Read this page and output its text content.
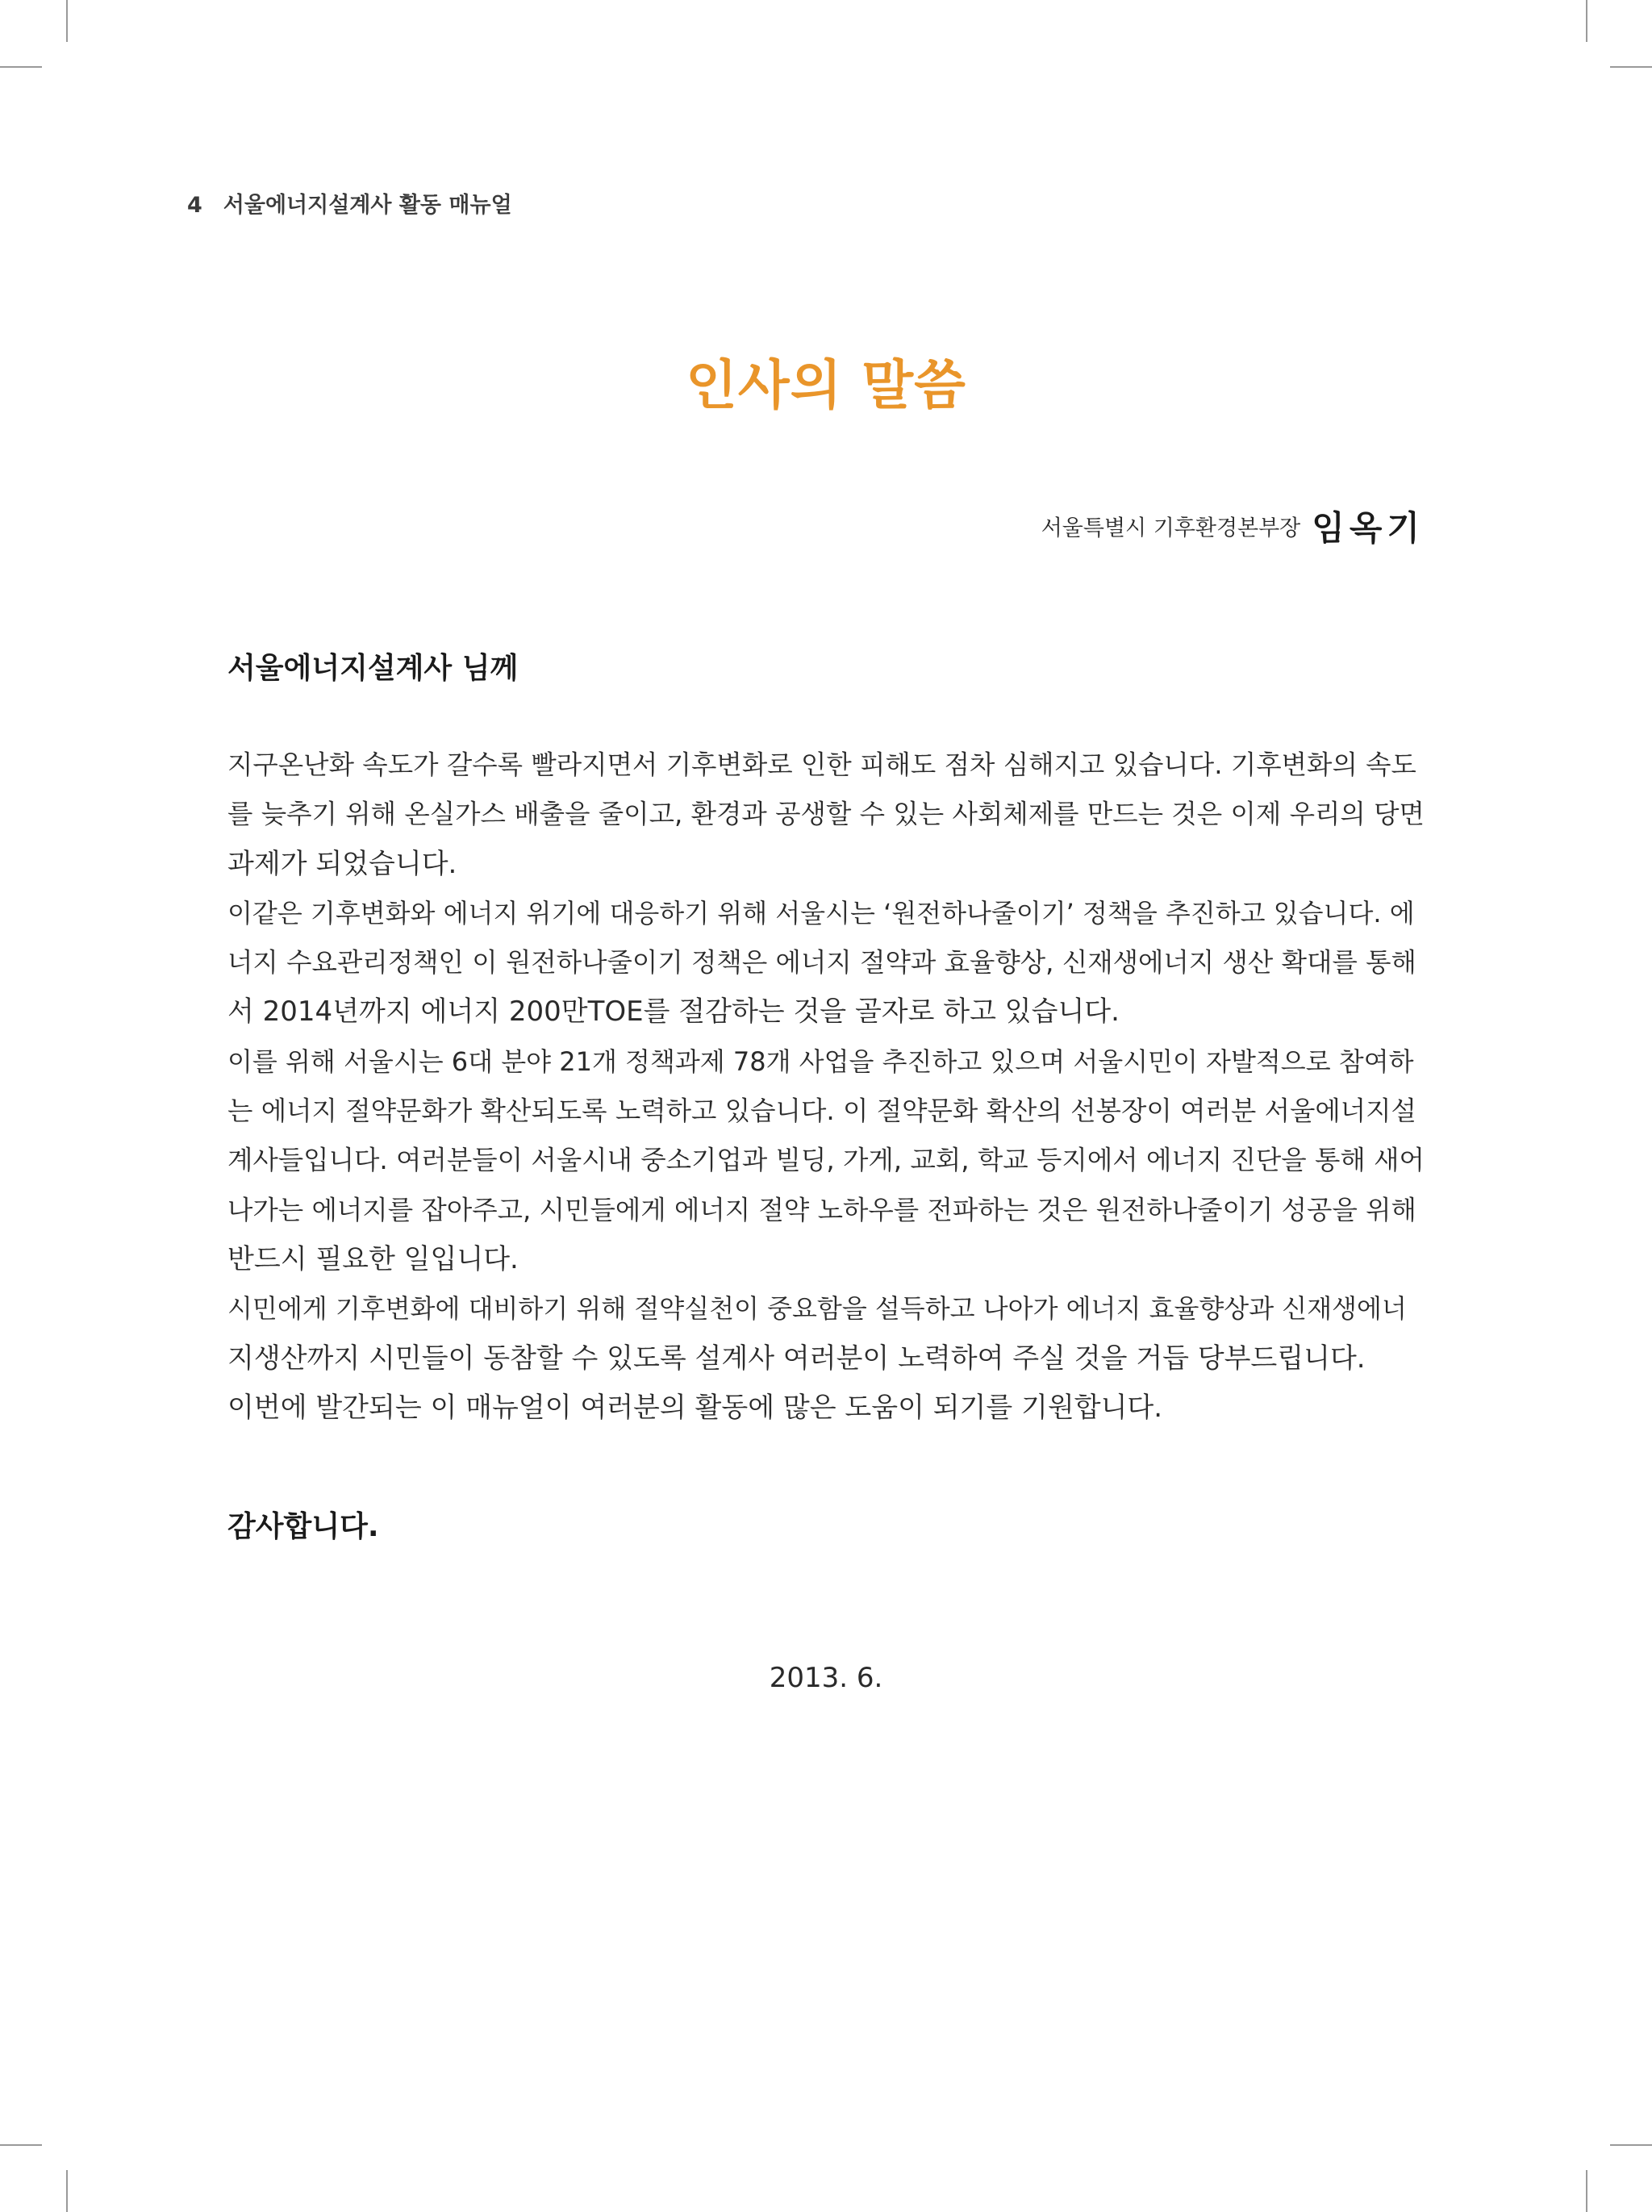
4 서울에너지설계사 활동 매뉴얼
인사의 말씀
서울특별시 기후환경본부장 임옥기
서울에너지설계사 님께
지구온난화 속도가 갈수록 빨라지면서 기후변화로 인한 피해도 점차 심해지고 있습니다. 기후변화의 속도
를 늦추기 위해 온실가스 배출을 줄이고, 환경과 공생할 수 있는 사회체제를 만드는 것은 이제 우리의 당면
과제가 되었습니다.
이같은 기후변화와 에너지 위기에 대응하기 위해 서울시는 ‘원전하나줄이기’ 정책을 추진하고 있습니다. 에
너지 수요관리정책인 이 원전하나줄이기 정책은 에너지 절약과 효율향상, 신재생에너지 생산 확대를 통해
서 2014년까지 에너지 200만TOE를 절감하는 것을 골자로 하고 있습니다.
이를 위해 서울시는 6대 분야 21개 정책과제 78개 사업을 추진하고 있으며 서울시민이 자발적으로 참여하
는 에너지 절약문화가 확산되도록 노력하고 있습니다. 이 절약문화 확산의 선봉장이 여러분 서울에너지설
계사들입니다. 여러분들이 서울시내 중소기업과 빌딩, 가게, 교회, 학교 등지에서 에너지 진단을 통해 새어
나가는 에너지를 잡아주고, 시민들에게 에너지 절약 노하우를 전파하는 것은 원전하나줄이기 성공을 위해
반드시 필요한 일입니다.
시민에게 기후변화에 대비하기 위해 절약실천이 중요함을 설득하고 나아가 에너지 효율향상과 신재생에너
지생산까지 시민들이 동참할 수 있도록 설계사 여러분이 노력하여 주실 것을 거듭 당부드립니다.
이번에 발간되는 이 매뉴얼이 여러분의 활동에 많은 도움이 되기를 기원합니다.
감사합니다.
2013. 6.
